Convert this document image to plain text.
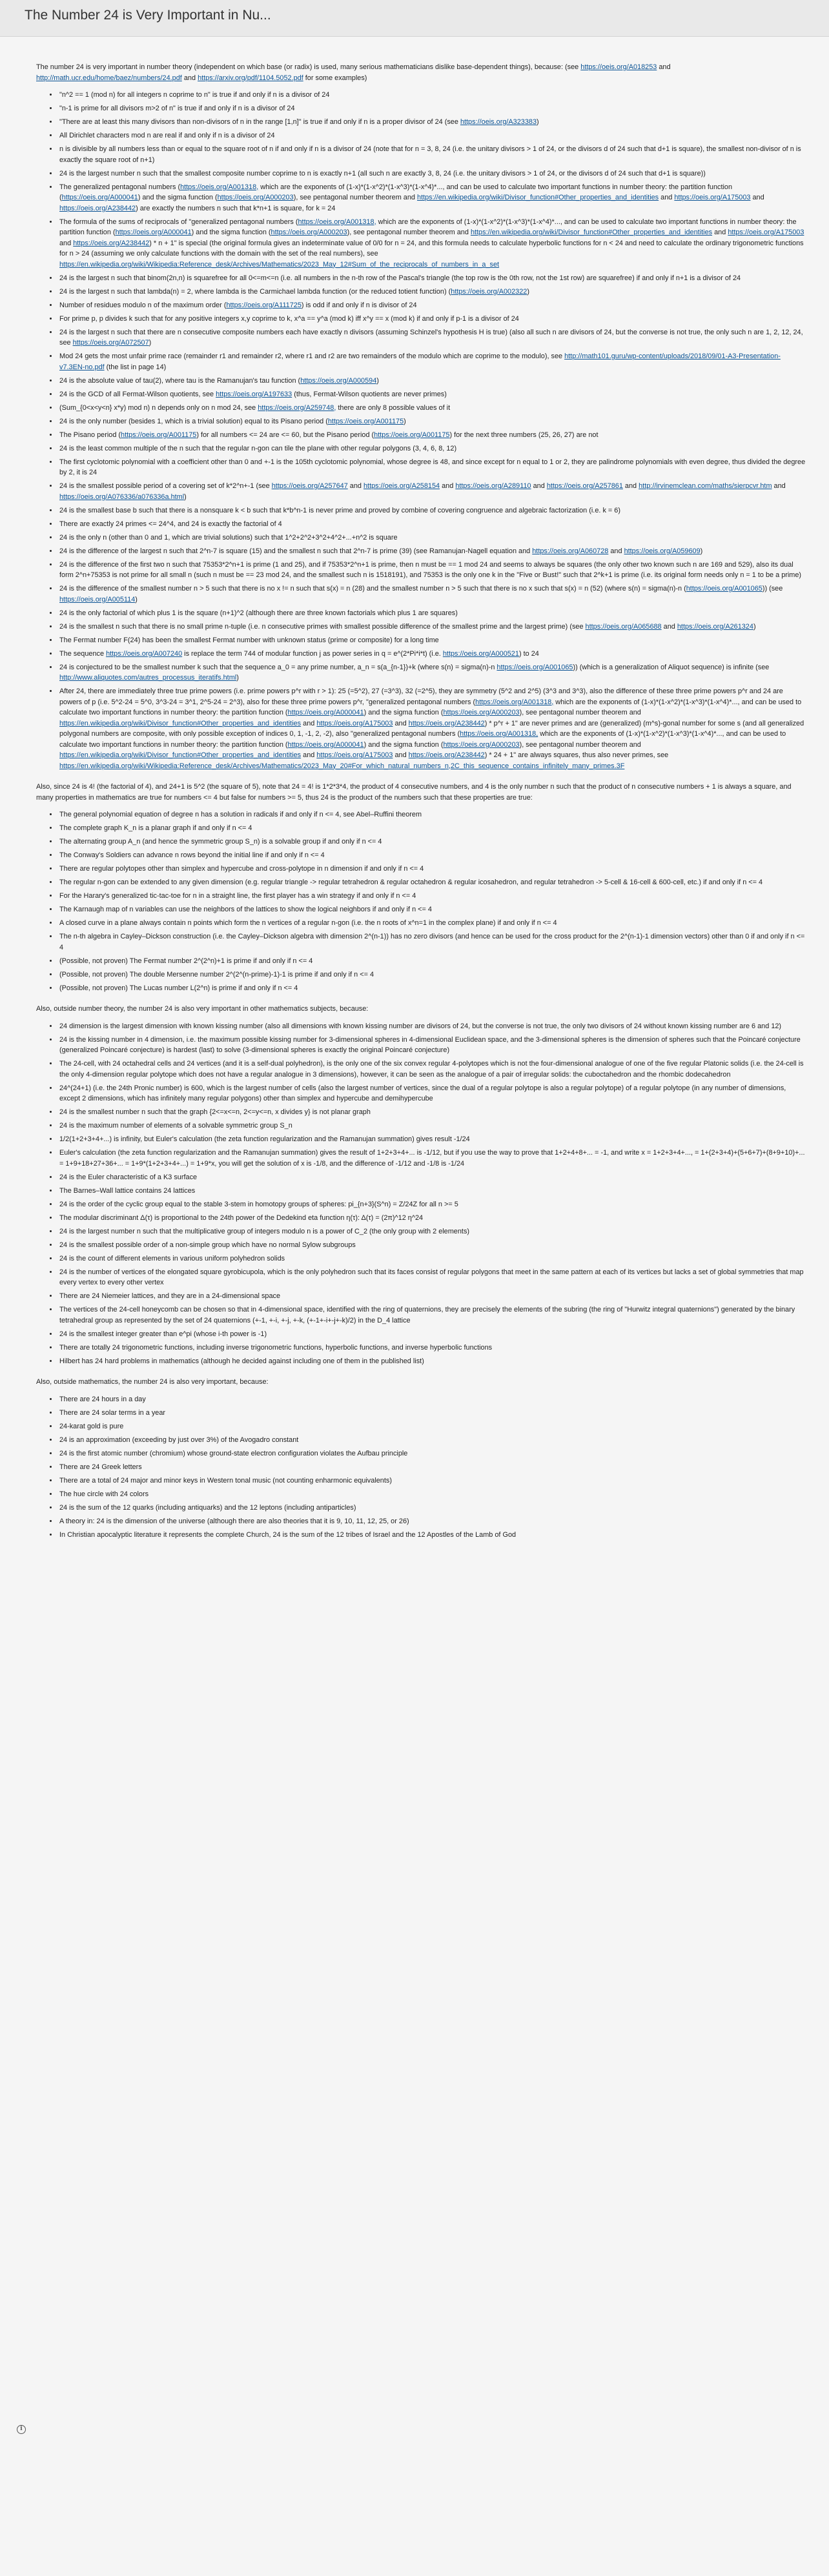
The Number 24 is Very Important in Nu...

The number 24 is very important in number theory (independent on which base (or radix) is used, many serious mathematicians dislike base-dependent things), because: (see https://oeis.org/A018253 and http://math.ucr.edu/home/baez/numbers/24.pdf and https://arxiv.org/pdf/1104.5052.pdf for some examples)

• "n^2 == 1 (mod n) for all integers n coprime to n" is true if and only if n is a divisor of 24
• "n-1 is prime for all divisors m>2 of n" is true if and only if n is a divisor of 24
• "There are at least this many divisors than non-divisors of n in the range [1,n]" is true if and only if n is a proper divisor of 24 (see https://oeis.org/A323383)
• All Dirichlet characters mod n are real if and only if n is a divisor of 24
• n is divisible by all numbers less than or equal to the square root of n if and only if n is a divisor of 24 (note that for n = 3, 8, 24 (i.e. the unitary divisors > 1 of 24, or the divisors d of 24 such that d+1 is square), the smallest non-divisor of n is exactly the square root of n+1)
• 24 is the largest number n such that the smallest composite number coprime to n is exactly n+1 (all such n are exactly 3, 8, 24 (i.e. the unitary divisors > 1 of 24, or the divisors d of 24 such that d+1 is square))
• The generalized pentagonal numbers (https://oeis.org/A001318, which are the exponents of (1-x)*(1-x^2)*(1-x^3)*(1-x^4)*..., and can be used to calculate two important functions in number theory: the partition function (https://oeis.org/A000041) and the sigma function (https://oeis.org/A000203), see pentagonal number theorem and https://en.wikipedia.org/wiki/Divisor_function#Other_properties_and_identities and https://oeis.org/A175003 and https://oeis.org/A238442) are exactly the numbers n such that k*n+1 is square, for k = 24
• The formula of the sums of reciprocals of "generalized pentagonal numbers (https://oeis.org/A001318, which are the exponents of (1-x)*(1-x^2)*(1-x^3)*(1-x^4)*..., and can be used to calculate two important functions in number theory: the partition function (https://oeis.org/A000041) and the sigma function (https://oeis.org/A000203), see pentagonal number theorem and https://en.wikipedia.org/wiki/Divisor_function#Other_properties_and_identities and https://oeis.org/A175003 and https://oeis.org/A238442) * n + 1" is special (the original formula gives an indeterminate value of 0/0 for n = 24, and this formula needs to calculate hyperbolic functions for n < 24 and need to calculate the ordinary trigonometric functions for n > 24 (assuming we only calculate functions with the domain with the set of the real numbers), see https://en.wikipedia.org/wiki/Wikipedia:Reference_desk/Archives/Mathematics/2023_May_12#Sum_of_the_reciprocals_of_numbers_in_a_set
• 24 is the largest n such that binom(2n,n) is squarefree for all 0<=m<=n (i.e. all numbers in the n-th row of the Pascal's triangle (the top row is the 0th row, not the 1st row) are squarefree) if and only if n+1 is a divisor of 24
• 24 is the largest n such that lambda(n) = 2, where lambda is the Carmichael lambda function (or the reduced totient function) (https://oeis.org/A002322)
• Number of residues modulo n of the maximum order (https://oeis.org/A111725) is odd if and only if n is divisor of 24
• For prime p, p divides k such that for any positive integers x,y coprime to k, x^a == y^a (mod k) iff x^y == x (mod k) if and only if p-1 is a divisor of 24
• 24 is the largest n such that there are n consecutive composite numbers each have exactly n divisors (assuming Schinzel's hypothesis H is true) (also all such n are divisors of 24, but the converse is not true, the only such n are 1, 2, 12, 24, see https://oeis.org/A072507)
• Mod 24 gets the most unfair prime race (remainder r1 and remainder r2, where r1 and r2 are two remainders of the modulo which are coprime to the modulo), see http://math101.guru/wp-content/uploads/2018/09/01-A3-Presentation-v7.3EN-no.pdf (the list in page 14)
• 24 is the absolute value of tau(2), where tau is the Ramanujan's tau function (https://oeis.org/A000594)
• 24 is the GCD of all Fermat-Wilson quotients, see https://oeis.org/A197633 (thus, Fermat-Wilson quotients are never primes)
• (Sum_{0<x<y<n} x*y) mod n) n depends only on n mod 24, see https://oeis.org/A259748, there are only 8 possible values of it
• 24 is the only number (besides 1, which is a trivial solution) equal to its Pisano period (https://oeis.org/A001175)
• The Pisano period (https://oeis.org/A001175) for all numbers <= 24 are <= 60, but the Pisano period (https://oeis.org/A001175) for the next three numbers (25, 26, 27) are not
• 24 is the least common multiple of the n such that the regular n-gon can tile the plane with other regular polygons (3, 4, 6, 8, 12)
• The first cyclotomic polynomial with a coefficient other than 0 and +-1 is the 105th cyclotomic polynomial, whose degree is 48, and since except for n equal to 1 or 2, they are palindrome polynomials with even degree, thus divided the degree by 2, it is 24
• 24 is the smallest possible period of a covering set of k*2^n+-1 (see https://oeis.org/A257647 and https://oeis.org/A258154 and https://oeis.org/A289110 and https://oeis.org/A257861 and http://irvinemclean.com/maths/sierpcvr.htm and https://oeis.org/A076336/a076336a.html)
• 24 is the smallest base b such that there is a nonsquare k < b such that k*b^n-1 is never prime and proved by combine of covering congruence and algebraic factorization (i.e. k = 6)
• There are exactly 24 primes <= 24^4, and 24 is exactly the factorial of 4
• 24 is the only n (other than 0 and 1, which are trivial solutions) such that 1^2+2^2+3^2+4^2+...+n^2 is square
• 24 is the difference of the largest n such that 2^n-7 is square (15) and the smallest n such that 2^n-7 is prime (39) (see Ramanujan-Nagell equation and https://oeis.org/A060728 and https://oeis.org/A059609)
• 24 is the difference of the first two n such that 75353*2^n+1 is prime (1 and 25), and if 75353*2^n+1 is prime, then n must be == 1 mod 24 and seems to always be squares (the only other two known such n are 169 and 529), also its dual form 2^n+75353 is not prime for all small n (such n must be == 23 mod 24, and the smallest such n is 1518191), and 75353 is the only one k in the "Five or Bust!" such that 2^k+1 is prime (i.e. its original form needs only n = 1 to be a prime)
• 24 is the difference of the smallest number n > 5 such that there is no x != n such that s(x) = n (28) and the smallest number n > 5 such that there is no x such that s(x) = n (52) (where s(n) = sigma(n)-n (https://oeis.org/A001065)) (see https://oeis.org/A005114)
• 24 is the only factorial of which plus 1 is the square (n+1)^2 (although there are three known factorials which plus 1 are squares)
• 24 is the smallest n such that there is no small prime n-tuple (i.e. n consecutive primes with smallest possible difference of the smallest prime and the largest prime) (see https://oeis.org/A065688 and https://oeis.org/A261324)
• The Fermat number F(24) has been the smallest Fermat number with unknown status (prime or composite) for a long time
• The sequence https://oeis.org/A007240 is replace the term 744 of modular function j as power series in q = e^(2*Pi*i*t) (i.e. https://oeis.org/A000521) to 24
• 24 is conjectured to be the smallest number k such that the sequence a_0 = any prime number, a_n = s(a_{n-1})+k (where s(n) = sigma(n)-n https://oeis.org/A001065)) (which is a generalization of Aliquot sequence) is infinite (see http://www.aliquotes.com/autres_processus_iteratifs.html)
• After 24, there are immediately three true prime powers (i.e. prime powers p^r with r > 1): 25 (=5^2), 27 (=3^3), 32 (=2^5), they are symmetry (5^2 and 2^5) (3^3 and 3^3), also the difference of these three prime powers p^r and 24 are powers of p (i.e. 5^2-24 = 5^0, 3^3-24 = 3^1, 2^5-24 = 2^3), also for these three prime powers p^r, "generalized pentagonal numbers (https://oeis.org/A001318, which are the exponents of (1-x)*(1-x^2)*(1-x^3)*(1-x^4)*..., and can be used to calculate two important functions in number theory: the partition function (https://oeis.org/A000041) and the sigma function (https://oeis.org/A000203), see pentagonal number theorem and https://en.wikipedia.org/wiki/Divisor_function#Other_properties_and_identities and https://oeis.org/A175003 and https://oeis.org/A238442) * p^r + 1" are never primes and are (generalized) (m^s)-gonal number for some s (and all generalized polygonal numbers are composite, with only possible exception of indices 0, 1, -1, 2, -2), also "generalized pentagonal numbers (https://oeis.org/A001318, which are the exponents of (1-x)*(1-x^2)*(1-x^3)*(1-x^4)*..., and can be used to calculate two important functions in number theory: the partition function (https://oeis.org/A000041) and the sigma function (https://oeis.org/A000203), see pentagonal number theorem and https://en.wikipedia.org/wiki/Divisor_function#Other_properties_and_identities and https://oeis.org/A175003 and https://oeis.org/A238442) * 24 + 1" are always squares, thus also never primes, see https://en.wikipedia.org/wiki/Wikipedia:Reference_desk/Archives/Mathematics/2023_May_20#For_which_natural_numbers_n,2C_this_sequence_contains_infinitely_many_primes.3F

Also, since 24 is 4! (the factorial of 4), and 24+1 is 5^2 (the square of 5), note that 24 = 4! is 1*2*3*4, the product of 4 consecutive numbers, and 4 is the only number n such that the product of n consecutive numbers + 1 is always a square, and many properties in mathematics are true for numbers <= 4 but false for numbers >= 5, thus 24 is the product of the numbers such that these properties are true:

• The general polynomial equation of degree n has a solution in radicals if and only if n <= 4, see Abel–Ruffini theorem
• The complete graph K_n is a planar graph if and only if n <= 4
• The alternating group A_n (and hence the symmetric group S_n) is a solvable group if and only if n <= 4
• The Conway's Soldiers can advance n rows beyond the initial line if and only if n <= 4
• There are regular polytopes other than simplex and hypercube and cross-polytope in n dimension if and only if n <= 4
• The regular n-gon can be extended to any given dimension (e.g. regular triangle -> regular tetrahedron & regular octahedron & regular icosahedron, and regular tetrahedron -> 5-cell & 16-cell & 600-cell, etc.) if and only if n <= 4
• For the Harary's generalized tic-tac-toe for n in a straight line, the first player has a win strategy if and only if n <= 4
• The Karnaugh map of n variables can use the neighbors of the lattices to show the logical neighbors if and only if n <= 4
• A closed curve in a plane always contain n points which form the n vertices of a regular n-gon (i.e. the n roots of x^n=1 in the complex plane) if and only if n <= 4
• The n-th algebra in Cayley–Dickson construction (i.e. the Cayley–Dickson algebra with dimension 2^(n-1)) has no zero divisors (and hence can be used for the cross product for the 2^(n-1)-1 dimension vectors) other than 0 if and only if n <= 4
• (Possible, not proven) The Fermat number 2^(2^n)+1 is prime if and only if n <= 4
• (Possible, not proven) The double Mersenne number 2^(2^(n-prime)-1)-1 is prime if and only if n <= 4
• (Possible, not proven) The Lucas number L(2^n) is prime if and only if n <= 4

Also, outside number theory, the number 24 is also very important in other mathematics subjects, because:

• 24 dimension is the largest dimension with known kissing number (also all dimensions with known kissing number are divisors of 24, but the converse is not true, the only two divisors of 24 without known kissing number are 6 and 12)
• 24 is the kissing number in 4 dimension, i.e. the maximum possible kissing number for 3-dimensional spheres in 4-dimensional Euclidean space, and the 3-dimensional spheres is the dimension of spheres such that the Poincaré conjecture (generalized Poincaré conjecture) is hardest (last) to solve (3-dimensional spheres is exactly the original Poincaré conjecture)
• The 24-cell, with 24 octahedral cells and 24 vertices (and it is a self-dual polyhedron), is the only one of the six convex regular 4-polytopes which is not the four-dimensional analogue of one of the five regular Platonic solids (i.e. the 24-cell is the only 4-dimension regular polytope which does not have a regular analogue in 3 dimensions), however, it can be seen as the analogue of a pair of irregular solids: the cuboctahedron and the rhombic dodecahedron
• 24^(24+1) (i.e. the 24th Pronic number) is 600, which is the largest number of cells (also the largest number of vertices, since the dual of a regular polytope is also a regular polytope) of a regular polytope (in any number of dimensions, except 2 dimensions, which has infinitely many regular polygons) other than simplex and hypercube and demihypercube
• 24 is the smallest number n such that the graph {2<=x<=n, 2<=y<=n, x divides y} is not planar graph
• 24 is the maximum number of elements of a solvable symmetric group S_n
• 1/2(1+2+3+4+...) is infinity, but Euler's calculation (the zeta function regularization and the Ramanujan summation) gives result -1/24
• Euler's calculation (the zeta function regularization and the Ramanujan summation) gives the result of 1+2+3+4+... is -1/12, but if you use the way to prove that 1+2+4+8+... = -1, and write x = 1+2+3+4+..., = 1+(2+3+4)+(5+6+7)+(8+9+10)+... = 1+9+18+27+36+... = 1+9*(1+2+3+4+...) = 1+9*x, you will get the solution of x is -1/8, and the difference of -1/12 and -1/8 is -1/24
• 24 is the Euler characteristic of a K3 surface
• The Barnes–Wall lattice contains 24 lattices
• 24 is the order of the cyclic group equal to the stable 3-stem in homotopy groups of spheres: pi_{n+3}(S^n) = Z/24Z for all n >= 5
• The modular discriminant Δ(τ) is proportional to the 24th power of the Dedekind eta function η(τ): Δ(τ) = (2π)^12 η^24
• 24 is the largest number n such that the multiplicative group of integers modulo n is a power of C_2 (the only group with 2 elements)
• 24 is the smallest possible order of a non-simple group which have no normal Sylow subgroups
• 24 is the count of different elements in various uniform polyhedron solids
• 24 is the number of vertices of the elongated square gyrobicupola, which is the only polyhedron such that its faces consist of regular polygons that meet in the same pattern at each of its vertices but lacks a set of global symmetries that map every vertex to every other vertex
• There are 24 Niemeier lattices, and they are in a 24-dimensional space
• The vertices of the 24-cell honeycomb can be chosen so that in 4-dimensional space, identified with the ring of quaternions, they are precisely the elements of the subring (the ring of "Hurwitz integral quaternions") generated by the binary tetrahedral group as represented by the set of 24 quaternions (+-1, +-i, +-j, +-k, (+-1+-i+-j+-k)/2) in the D_4 lattice
• 24 is the smallest integer greater than e^pi (whose i-th power is -1)
• There are totally 24 trigonometric functions, including inverse trigonometric functions, hyperbolic functions, and inverse hyperbolic functions
• Hilbert has 24 hard problems in mathematics (although he decided against including one of them in the published list)

Also, outside mathematics, the number 24 is also very important, because:

• There are 24 hours in a day
• There are 24 solar terms in a year
• 24-karat gold is pure
• 24 is an approximation (exceeding by just over 3%) of the Avogadro constant
• 24 is the first atomic number (chromium) whose ground-state electron configuration violates the Aufbau principle
• There are 24 Greek letters
• There are a total of 24 major and minor keys in Western tonal music (not counting enharmonic equivalents)
• The hue circle with 24 colors
• 24 is the sum of the 12 quarks (including antiquarks) and the 12 leptons (including antiparticles)
• A theory in: 24 is the dimension of the universe (although there are also theories that it is 9, 10, 11, 12, 25, or 26)
• In Christian apocalyptic literature it represents the complete Church, 24 is the sum of the 12 tribes of Israel and the 12 Apostles of the Lamb of God
i
